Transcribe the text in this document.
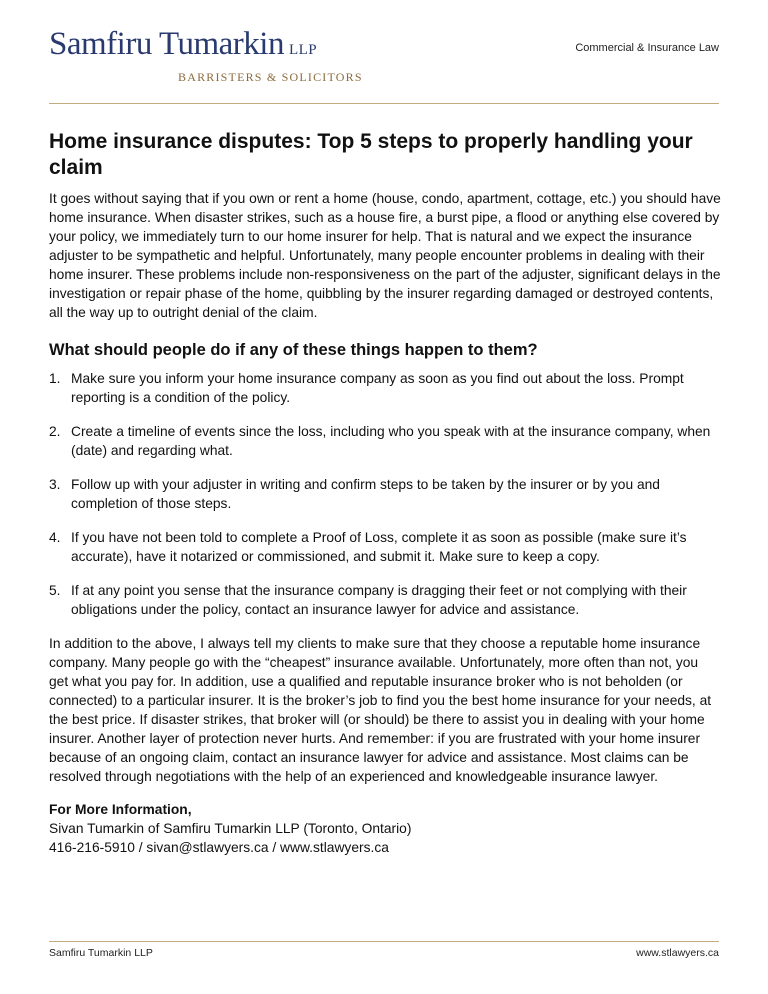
Samfiru Tumarkin LLP
BARRISTERS & SOLICITORS
Commercial & Insurance Law
Home insurance disputes: Top 5 steps to properly handling your claim

It goes without saying that if you own or rent a home (house, condo, apartment, cottage, etc.) you should have home insurance. When disaster strikes, such as a house fire, a burst pipe, a flood or anything else covered by your policy, we immediately turn to our home insurer for help. That is natural and we expect the insurance adjuster to be sympathetic and helpful. Unfortunately, many people encounter problems in dealing with their home insurer. These problems include non-responsiveness on the part of the adjuster, significant delays in the investigation or repair phase of the home, quibbling by the insurer regarding damaged or destroyed contents, all the way up to outright denial of the claim.

What should people do if any of these things happen to them?
1. Make sure you inform your home insurance company as soon as you find out about the loss. Prompt reporting is a condition of the policy.
2. Create a timeline of events since the loss, including who you speak with at the insurance company, when (date) and regarding what.
3. Follow up with your adjuster in writing and confirm steps to be taken by the insurer or by you and completion of those steps.
4. If you have not been told to complete a Proof of Loss, complete it as soon as possible (make sure it’s accurate), have it notarized or commissioned, and submit it. Make sure to keep a copy.
5. If at any point you sense that the insurance company is dragging their feet or not complying with their obligations under the policy, contact an insurance lawyer for advice and assistance.

In addition to the above, I always tell my clients to make sure that they choose a reputable home insurance company. Many people go with the “cheapest” insurance available. Unfortunately, more often than not, you get what you pay for. In addition, use a qualified and reputable insurance broker who is not beholden (or connected) to a particular insurer. It is the broker’s job to find you the best home insurance for your needs, at the best price. If disaster strikes, that broker will (or should) be there to assist you in dealing with your home insurer. Another layer of protection never hurts. And remember: if you are frustrated with your home insurer because of an ongoing claim, contact an insurance lawyer for advice and assistance. Most claims can be resolved through negotiations with the help of an experienced and knowledgeable insurance lawyer.

For More Information,
Sivan Tumarkin of Samfiru Tumarkin LLP (Toronto, Ontario)
416-216-5910 / sivan@stlawyers.ca / www.stlawyers.ca
Samfiru Tumarkin LLP	www.stlawyers.ca
